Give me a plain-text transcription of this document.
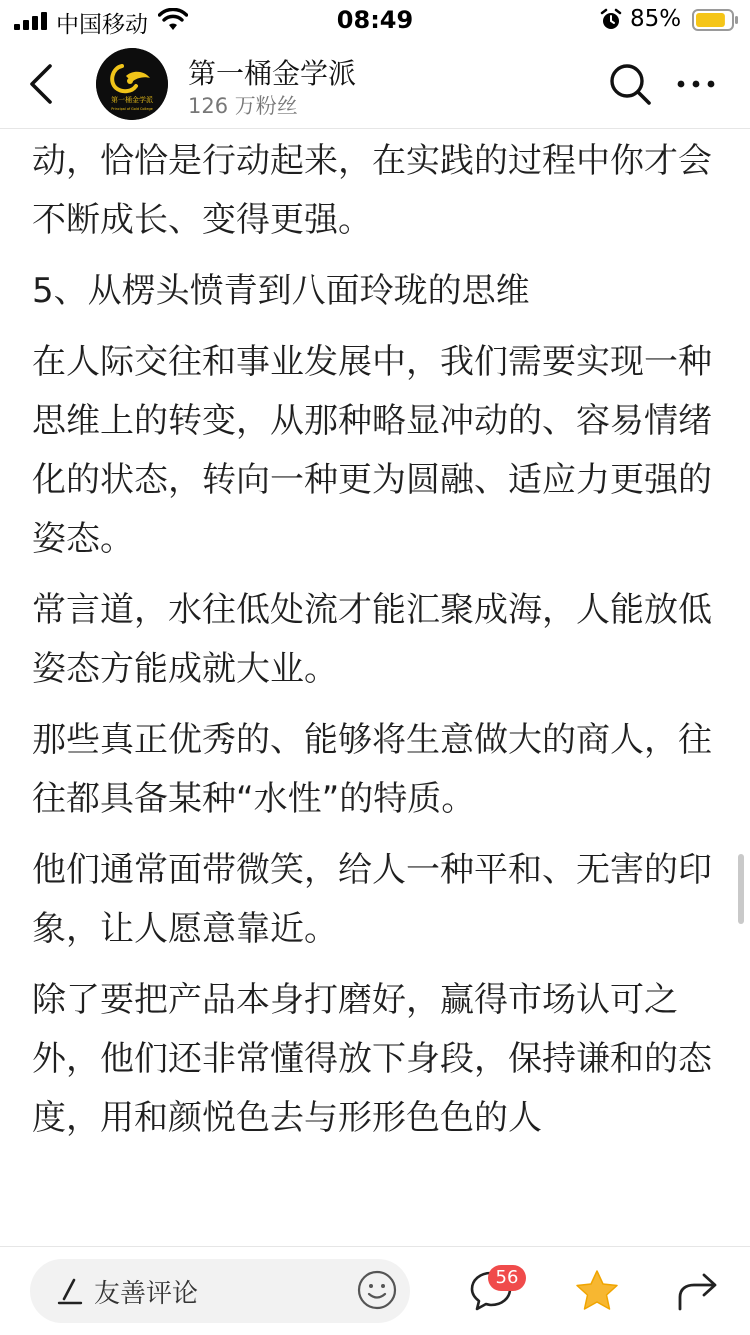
中国移动	08:49	85%
第一桶金学派
Principal of Gold College
第一桶金学派
126 万粉丝

动，恰恰是行动起来，在实践的过程中你才会不断成长、变得更强。

5、从楞头愤青到八面玲珑的思维

在人际交往和事业发展中，我们需要实现一种思维上的转变，从那种略显冲动的、容易情绪化的状态，转向一种更为圆融、适应力更强的姿态。

常言道，水往低处流才能汇聚成海，人能放低姿态方能成就大业。

那些真正优秀的、能够将生意做大的商人，往往都具备某种“水性”的特质。

他们通常面带微笑，给人一种平和、无害的印象，让人愿意靠近。

除了要把产品本身打磨好，赢得市场认可之外，他们还非常懂得放下身段，保持谦和的态度，用和颜悦色去与形形色色的人

友善评论
56
